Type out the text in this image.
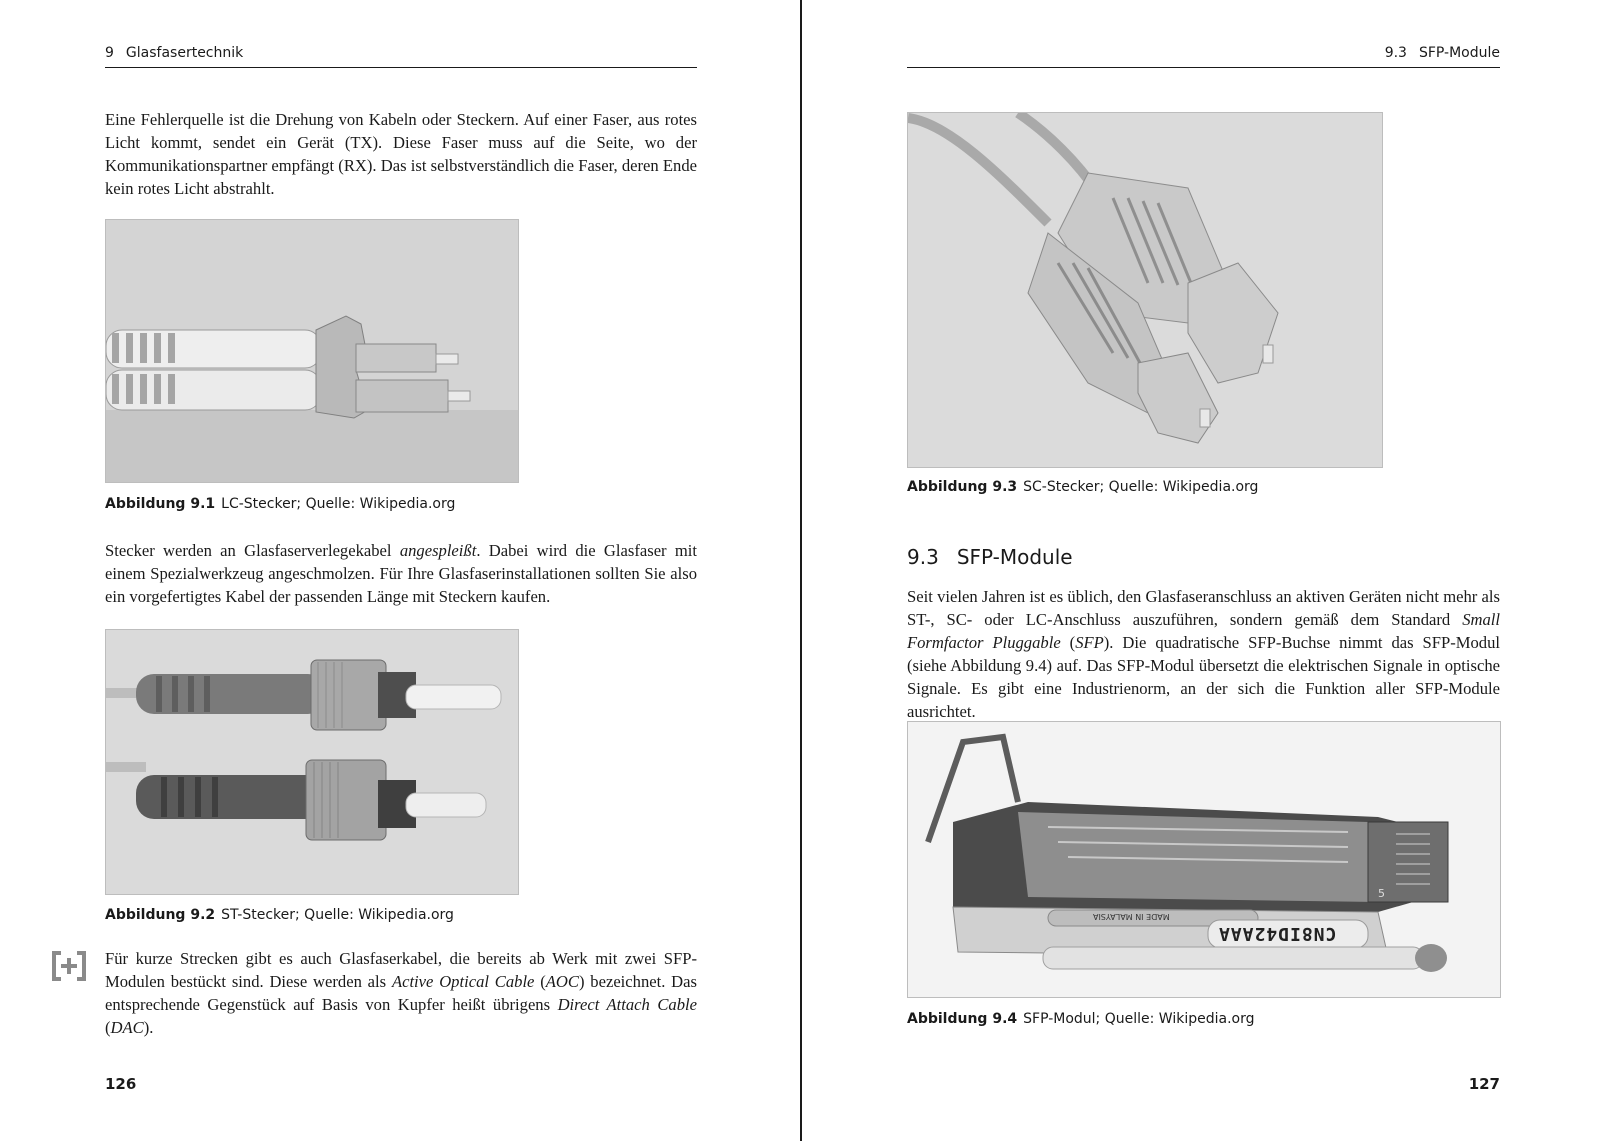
9 Glasfasertechnik

Eine Fehlerquelle ist die Drehung von Kabeln oder Steckern. Auf einer Faser, aus rotes Licht kommt, sendet ein Gerät (TX). Diese Faser muss auf die Seite, wo der Kommunikationspartner empfängt (RX). Das ist selbstverständlich die Faser, deren Ende kein rotes Licht abstrahlt.

Abbildung 9.1 LC-Stecker; Quelle: Wikipedia.org

Stecker werden an Glasfaserverlegekabel angespleißt. Dabei wird die Glasfaser mit einem Spezialwerkzeug angeschmolzen. Für Ihre Glasfaserinstallationen sollten Sie also ein vorgefertigtes Kabel der passenden Länge mit Steckern kaufen.

Abbildung 9.2 ST-Stecker; Quelle: Wikipedia.org

Für kurze Strecken gibt es auch Glasfaserkabel, die bereits ab Werk mit zwei SFP-Modulen bestückt sind. Diese werden als Active Optical Cable (AOC) bezeichnet. Das entsprechende Gegenstück auf Basis von Kupfer heißt übrigens Direct Attach Cable (DAC).

126
9.3 SFP-Module
Abbildung 9.3 SC-Stecker; Quelle: Wikipedia.org
9.3 SFP-Module

Seit vielen Jahren ist es üblich, den Glasfaseranschluss an aktiven Geräten nicht mehr als ST-, SC- oder LC-Anschluss auszuführen, sondern gemäß dem Standard Small Formfactor Pluggable (SFP). Die quadratische SFP-Buchse nimmt das SFP-Modul (siehe Abbildung 9.4) auf. Das SFP-Modul übersetzt die elektrischen Signale in optische Signale. Es gibt eine Industrienorm, an der sich die Funktion aller SFP-Module ausrichtet.

MADE IN MALAYSIA
CN8ID42AAA
5
Abbildung 9.4 SFP-Modul; Quelle: Wikipedia.org
127
